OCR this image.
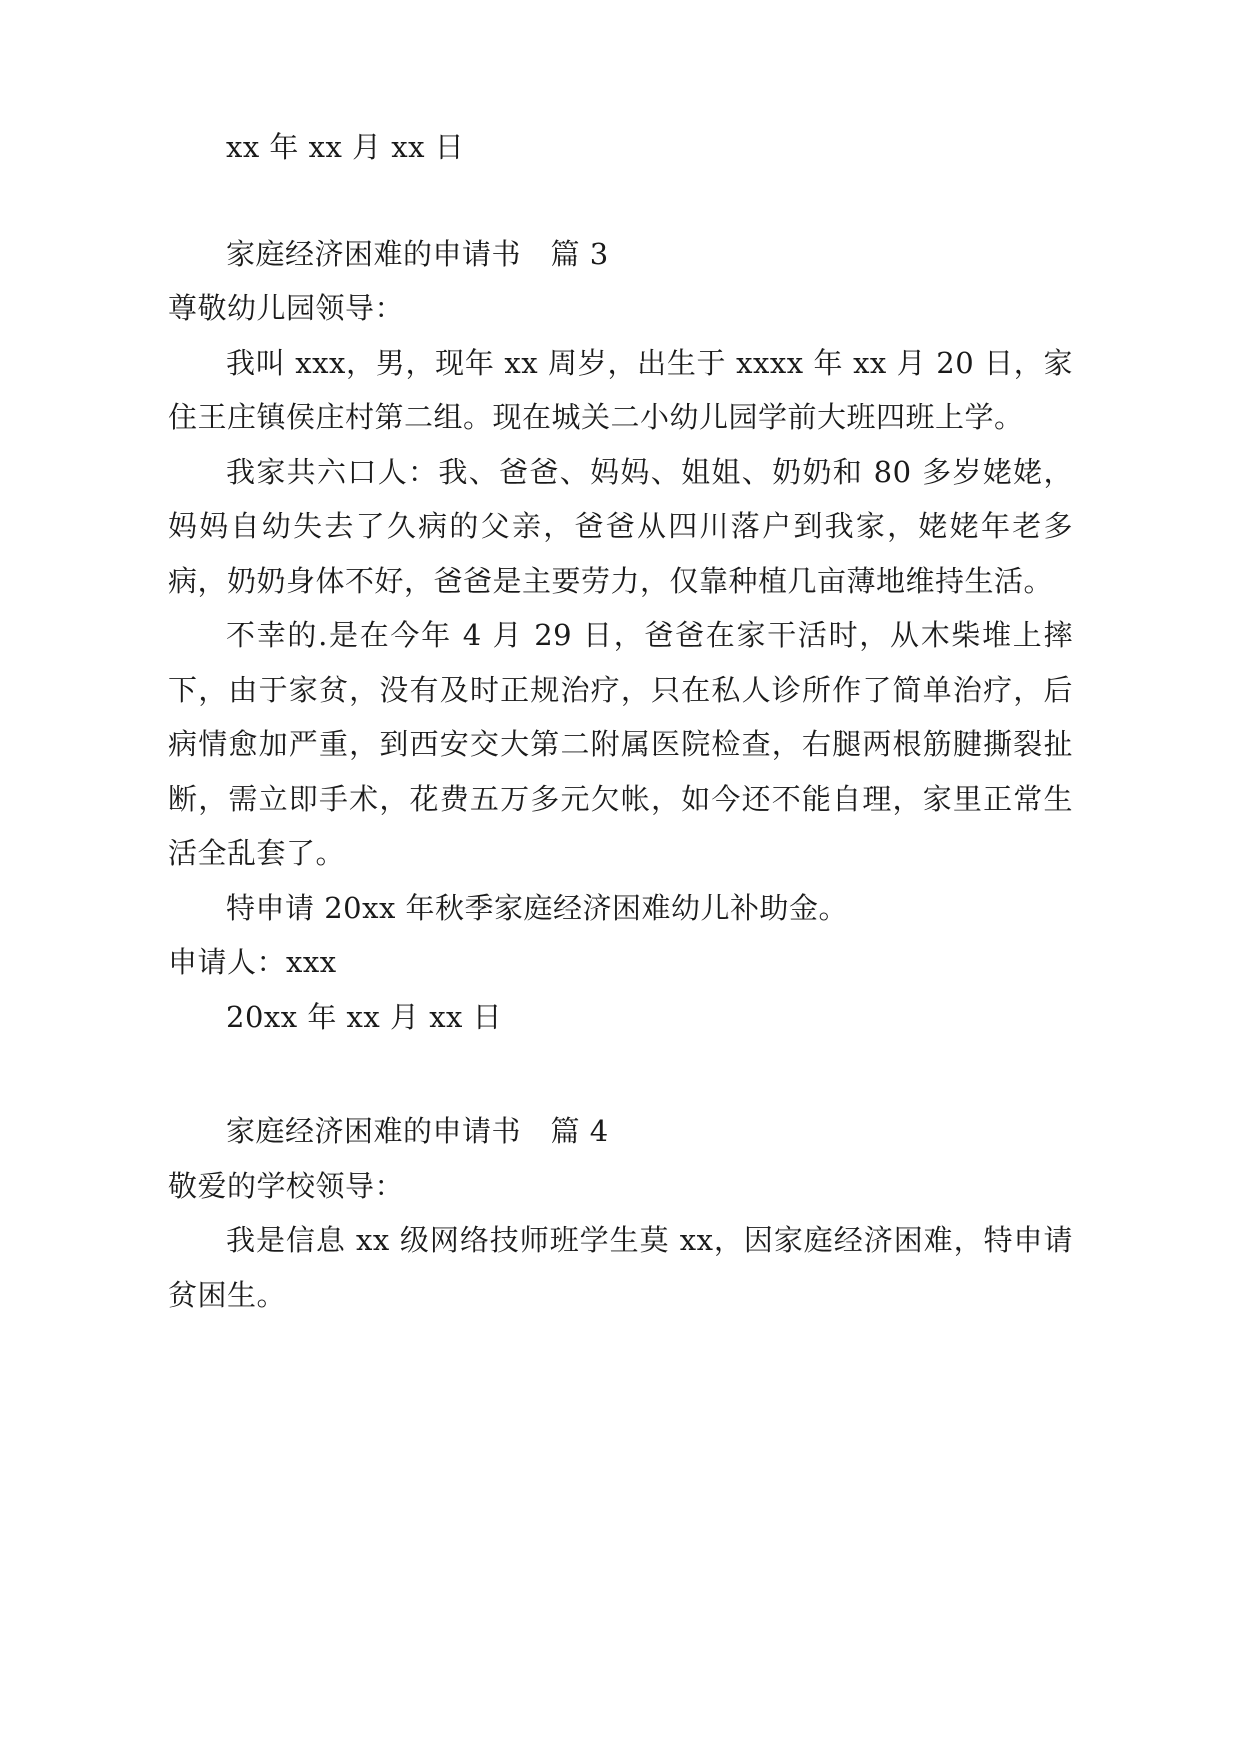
xx 年 xx 月 xx 日

家庭经济困难的申请书　篇 3

尊敬幼儿园领导：

我叫 xxx，男，现年 xx 周岁，出生于 xxxx 年 xx 月 20 日，家住王庄镇侯庄村第二组。现在城关二小幼儿园学前大班四班上学。

我家共六口人：我、爸爸、妈妈、姐姐、奶奶和 80 多岁姥姥，妈妈自幼失去了久病的父亲，爸爸从四川落户到我家，姥姥年老多病，奶奶身体不好，爸爸是主要劳力，仅靠种植几亩薄地维持生活。

不幸的.是在今年 4 月 29 日，爸爸在家干活时，从木柴堆上摔下，由于家贫，没有及时正规治疗，只在私人诊所作了简单治疗，后病情愈加严重，到西安交大第二附属医院检查，右腿两根筋腱撕裂扯断，需立即手术，花费五万多元欠帐，如今还不能自理，家里正常生活全乱套了。

特申请 20xx 年秋季家庭经济困难幼儿补助金。

申请人：xxx

20xx 年 xx 月 xx 日

家庭经济困难的申请书　篇 4

敬爱的学校领导：

我是信息 xx 级网络技师班学生莫 xx，因家庭经济困难，特申请贫困生。
